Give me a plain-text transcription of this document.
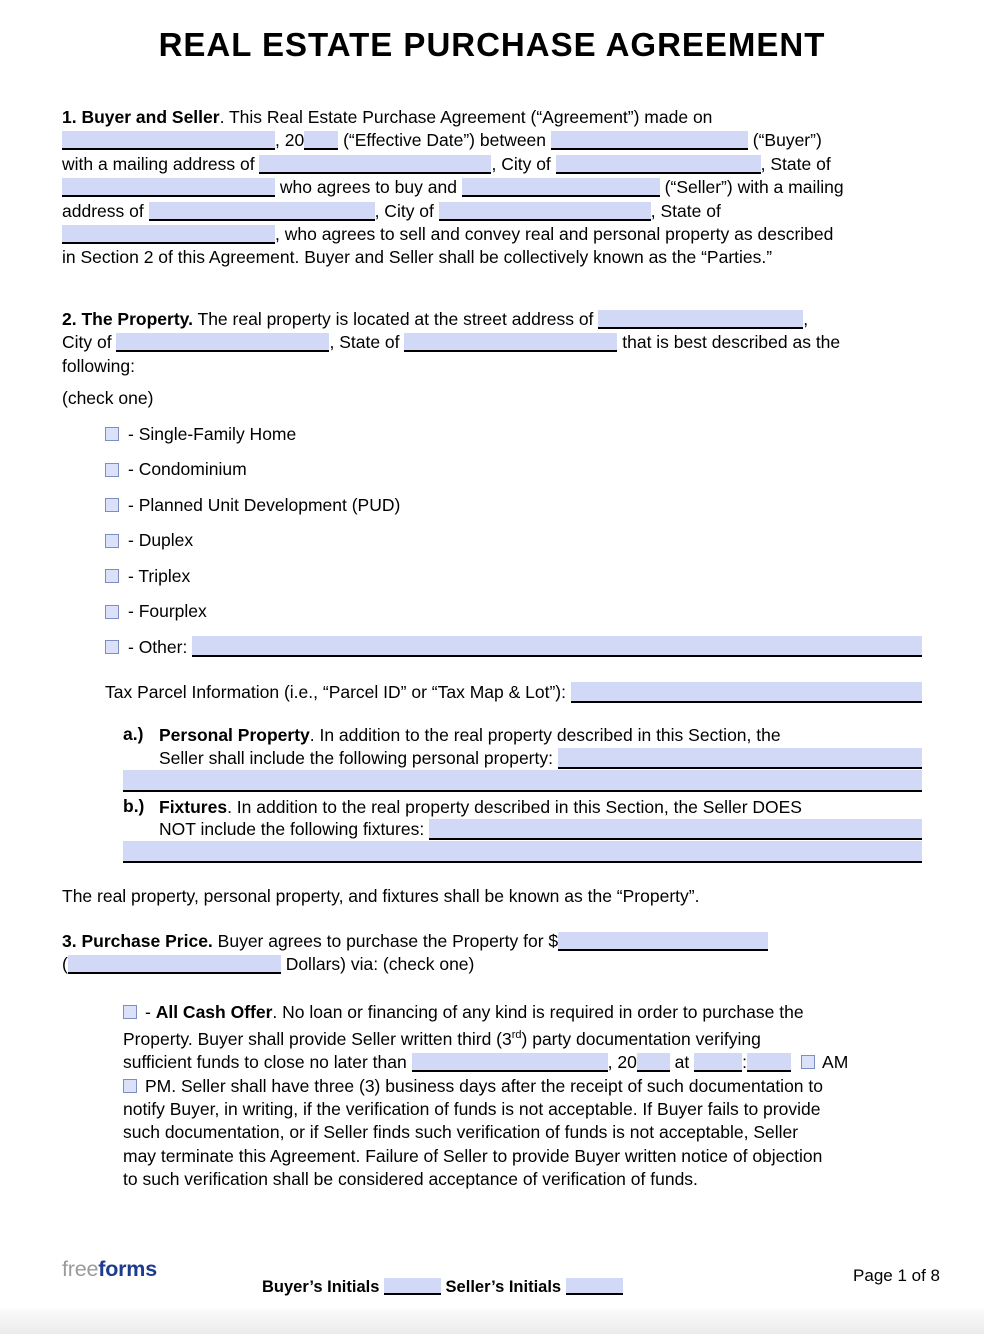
REAL ESTATE PURCHASE AGREEMENT
1. Buyer and Seller. This Real Estate Purchase Agreement (“Agreement”) made on
, 20 (“Effective Date”) between	(“Buyer”)
with a mailing address of	, City of	, State of
who agrees to buy and	(“Seller”) with a mailing
address of	, City of	, State of
, who agrees to sell and convey real and personal property as described
in Section 2 of this Agreement. Buyer and Seller shall be collectively known as the “Parties.”
2. The Property. The real property is located at the street address of	,
City of	, State of	that is best described as the
following:
(check one)
- Single-Family Home
- Condominium
- Planned Unit Development (PUD)
- Duplex
- Triplex
- Fourplex
- Other:
Tax Parcel Information (i.e., “Parcel ID” or “Tax Map & Lot”):
a.) Personal Property. In addition to the real property described in this Section, the
Seller shall include the following personal property:
b.) Fixtures. In addition to the real property described in this Section, the Seller DOES
NOT include the following fixtures:
The real property, personal property, and fixtures shall be known as the “Property”.
3. Purchase Price. Buyer agrees to purchase the Property for $
(	Dollars) via: (check one)
- All Cash Offer. No loan or financing of any kind is required in order to purchase the
Property. Buyer shall provide Seller written third (3rd) party documentation verifying
sufficient funds to close no later than	, 20 at	:	AM
PM. Seller shall have three (3) business days after the receipt of such documentation to
notify Buyer, in writing, if the verification of funds is not acceptable. If Buyer fails to provide
such documentation, or if Seller finds such verification of funds is not acceptable, Seller
may terminate this Agreement. Failure of Seller to provide Buyer written notice of objection
to such verification shall be considered acceptance of verification of funds.
freeforms
Buyer’s Initials	Seller’s Initials
Page 1 of 8
